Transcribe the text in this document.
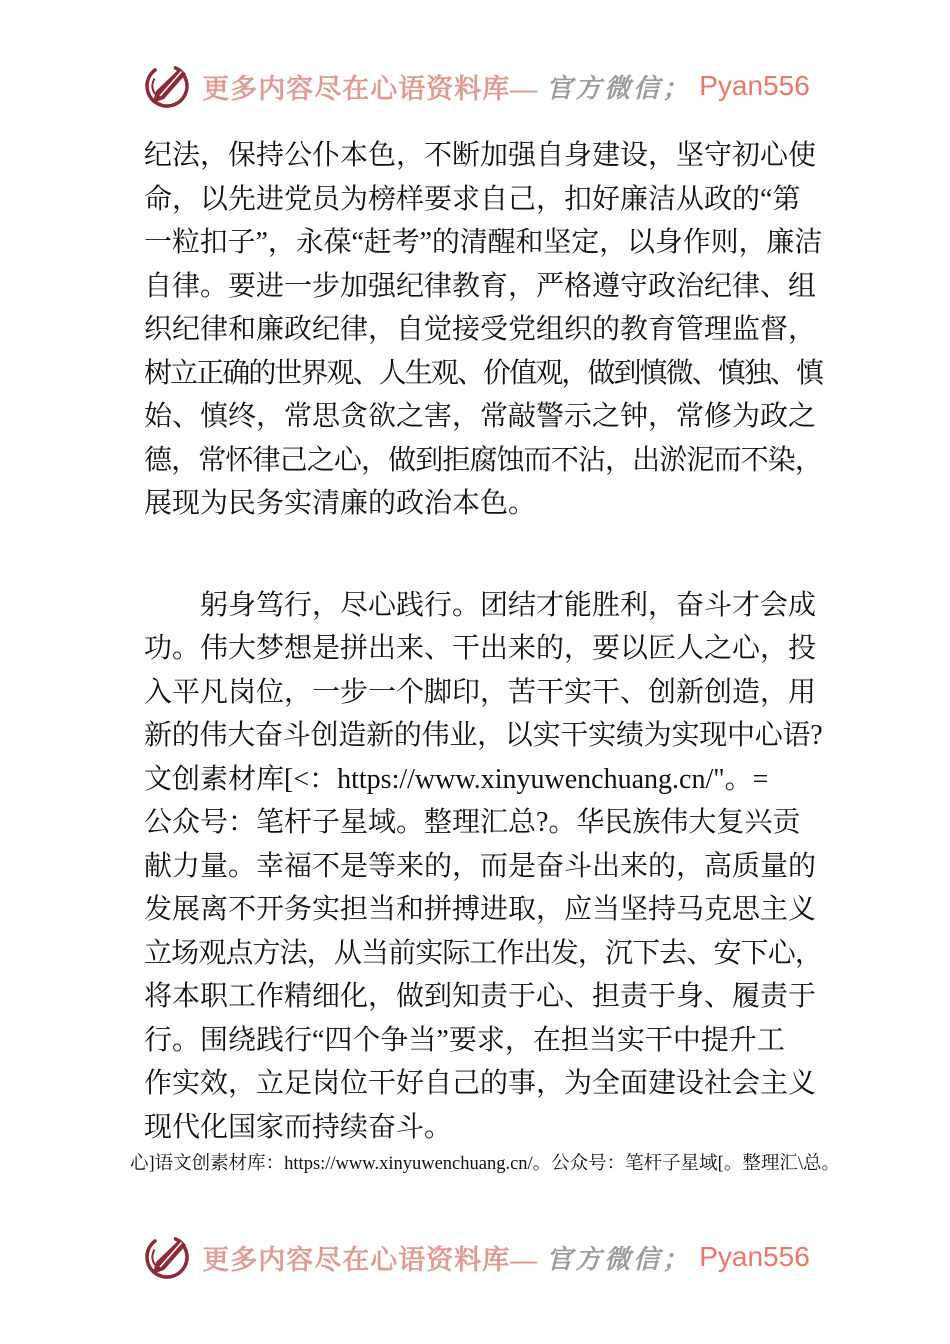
更多内容尽在心语资料库— 官方微信； Pyan556
纪法，保持公仆本色，不断加强自身建设，坚守初心使
命，以先进党员为榜样要求自己，扣好廉洁从政的“第
一粒扣子”，永葆“赶考”的清醒和坚定，以身作则，廉洁
自律。要进一步加强纪律教育，严格遵守政治纪律、组
织纪律和廉政纪律，自觉接受党组织的教育管理监督，
树立正确的世界观、人生观、价值观，做到慎微、慎独、慎
始、慎终，常思贪欲之害，常敲警示之钟，常修为政之
德，常怀律己之心，做到拒腐蚀而不沾，出淤泥而不染，
展现为民务实清廉的政治本色。
躬身笃行，尽心践行。团结才能胜利，奋斗才会成
功。伟大梦想是拼出来、干出来的，要以匠人之心，投
入平凡岗位，一步一个脚印，苦干实干、创新创造，用
新的伟大奋斗创造新的伟业，以实干实绩为实现中心语?
文创素材库[<：https://www.xinyuwenchuang.cn/"。=
公众号：笔杆子星域。整理汇总?。华民族伟大复兴贡
献力量。幸福不是等来的，而是奋斗出来的，高质量的
发展离不开务实担当和拼搏进取，应当坚持马克思主义
立场观点方法，从当前实际工作出发，沉下去、安下心，
将本职工作精细化，做到知责于心、担责于身、履责于
行。围绕践行“四个争当”要求，在担当实干中提升工
作实效，立足岗位干好自己的事，为全面建设社会主义
现代化国家而持续奋斗。
心]语文创素材库：https://www.xinyuwenchuang.cn/。公众号：笔杆子星域[。整理汇\总。
更多内容尽在心语资料库— 官方微信； Pyan556
